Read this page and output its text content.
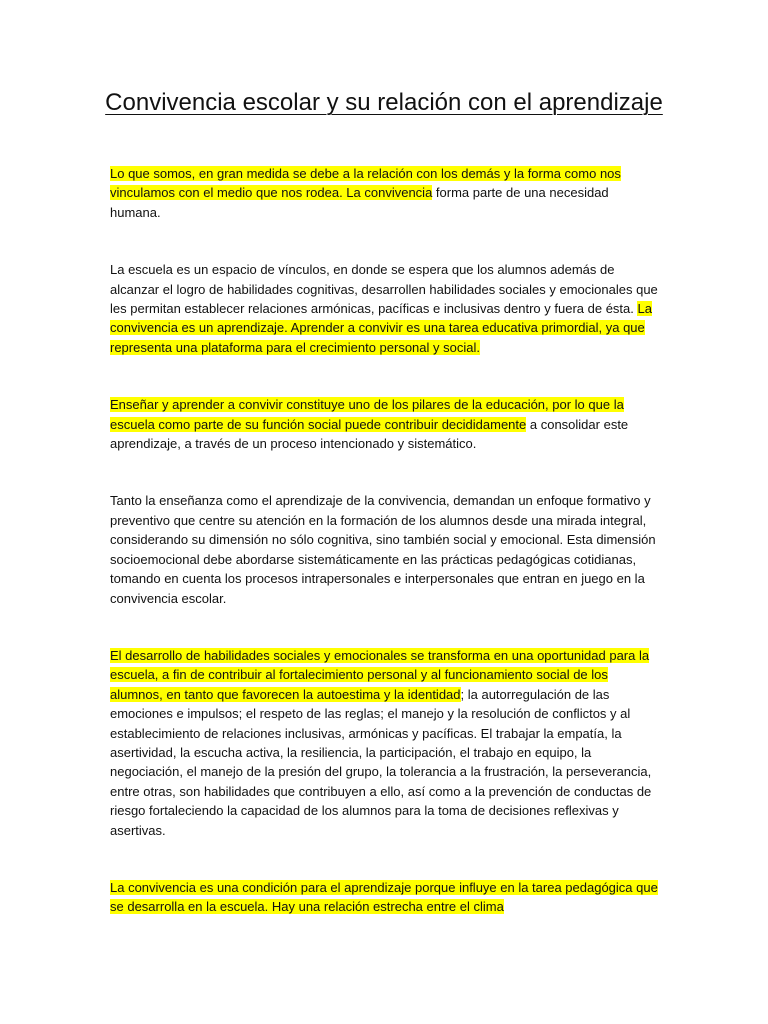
Convivencia escolar y su relación con el aprendizaje

Lo que somos, en gran medida se debe a la relación con los demás y la forma como nos vinculamos con el medio que nos rodea. La convivencia forma parte de una necesidad humana.

La escuela es un espacio de vínculos, en donde se espera que los alumnos además de alcanzar el logro de habilidades cognitivas, desarrollen habilidades sociales y emocionales que les permitan establecer relaciones armónicas, pacíficas e inclusivas dentro y fuera de ésta. La convivencia es un aprendizaje. Aprender a convivir es una tarea educativa primordial, ya que representa una plataforma para el crecimiento personal y social.

Enseñar y aprender a convivir constituye uno de los pilares de la educación, por lo que la escuela como parte de su función social puede contribuir decididamente a consolidar este aprendizaje, a través de un proceso intencionado y sistemático.

Tanto la enseñanza como el aprendizaje de la convivencia, demandan un enfoque formativo y preventivo que centre su atención en la formación de los alumnos desde una mirada integral, considerando su dimensión no sólo cognitiva, sino también social y emocional. Esta dimensión socioemocional debe abordarse sistemáticamente en las prácticas pedagógicas cotidianas, tomando en cuenta los procesos intrapersonales e interpersonales que entran en juego en la convivencia escolar.

El desarrollo de habilidades sociales y emocionales se transforma en una oportunidad para la escuela, a fin de contribuir al fortalecimiento personal y al funcionamiento social de los alumnos, en tanto que favorecen la autoestima y la identidad; la autorregulación de las emociones e impulsos; el respeto de las reglas; el manejo y la resolución de conflictos y al establecimiento de relaciones inclusivas, armónicas y pacíficas. El trabajar la empatía, la asertividad, la escucha activa, la resiliencia, la participación, el trabajo en equipo, la negociación, el manejo de la presión del grupo, la tolerancia a la frustración, la perseverancia, entre otras, son habilidades que contribuyen a ello, así como a la prevención de conductas de riesgo fortaleciendo la capacidad de los alumnos para la toma de decisiones reflexivas y asertivas.

La convivencia es una condición para el aprendizaje porque influye en la tarea pedagógica que se desarrolla en la escuela. Hay una relación estrecha entre el clima
